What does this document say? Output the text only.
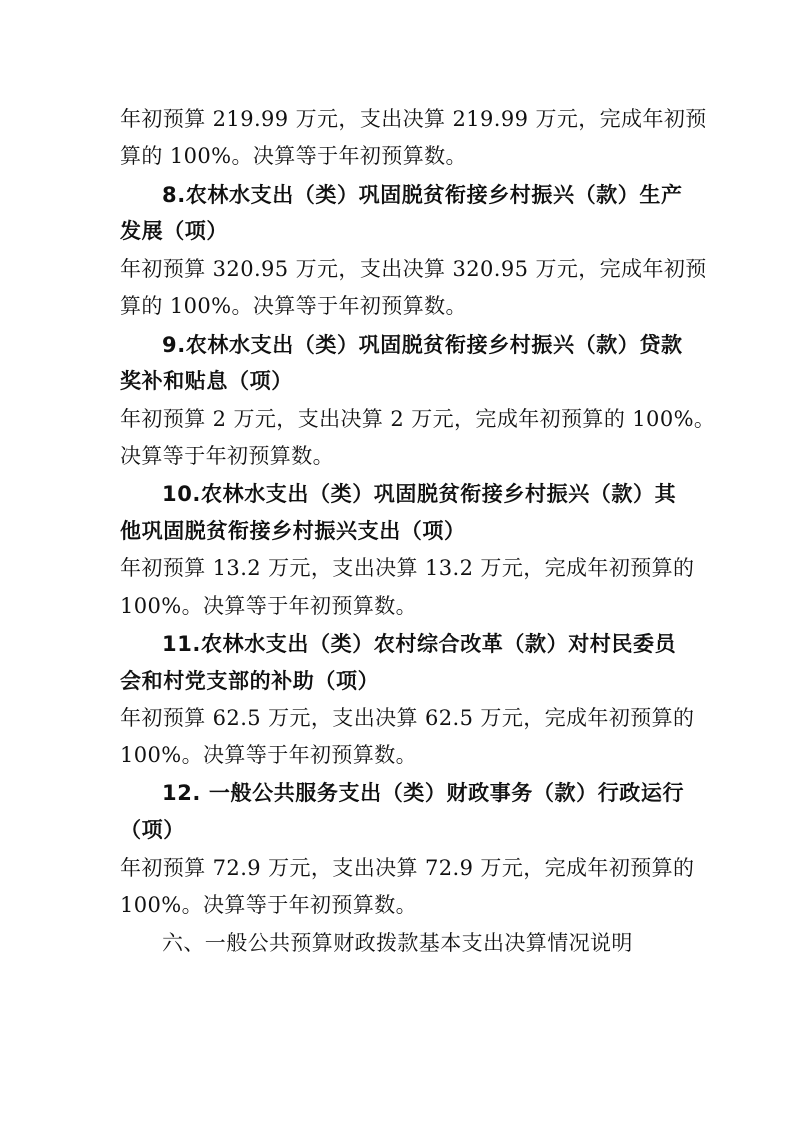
年初预算 219.99 万元，支出决算 219.99 万元，完成年初预
算的 100%。决算等于年初预算数。
8.农林水支出（类）巩固脱贫衔接乡村振兴（款）生产
发展（项）
年初预算 320.95 万元，支出决算 320.95 万元，完成年初预
算的 100%。决算等于年初预算数。
9.农林水支出（类）巩固脱贫衔接乡村振兴（款）贷款
奖补和贴息（项）
年初预算 2 万元，支出决算 2 万元，完成年初预算的 100%。
决算等于年初预算数。
10.农林水支出（类）巩固脱贫衔接乡村振兴（款）其
他巩固脱贫衔接乡村振兴支出（项）
年初预算 13.2 万元，支出决算 13.2 万元，完成年初预算的
100%。决算等于年初预算数。
11.农林水支出（类）农村综合改革（款）对村民委员
会和村党支部的补助（项）
年初预算 62.5 万元，支出决算 62.5 万元，完成年初预算的
100%。决算等于年初预算数。
12. 一般公共服务支出（类）财政事务（款）行政运行
（项）
年初预算 72.9 万元，支出决算 72.9 万元，完成年初预算的
100%。决算等于年初预算数。
六、一般公共预算财政拨款基本支出决算情况说明
